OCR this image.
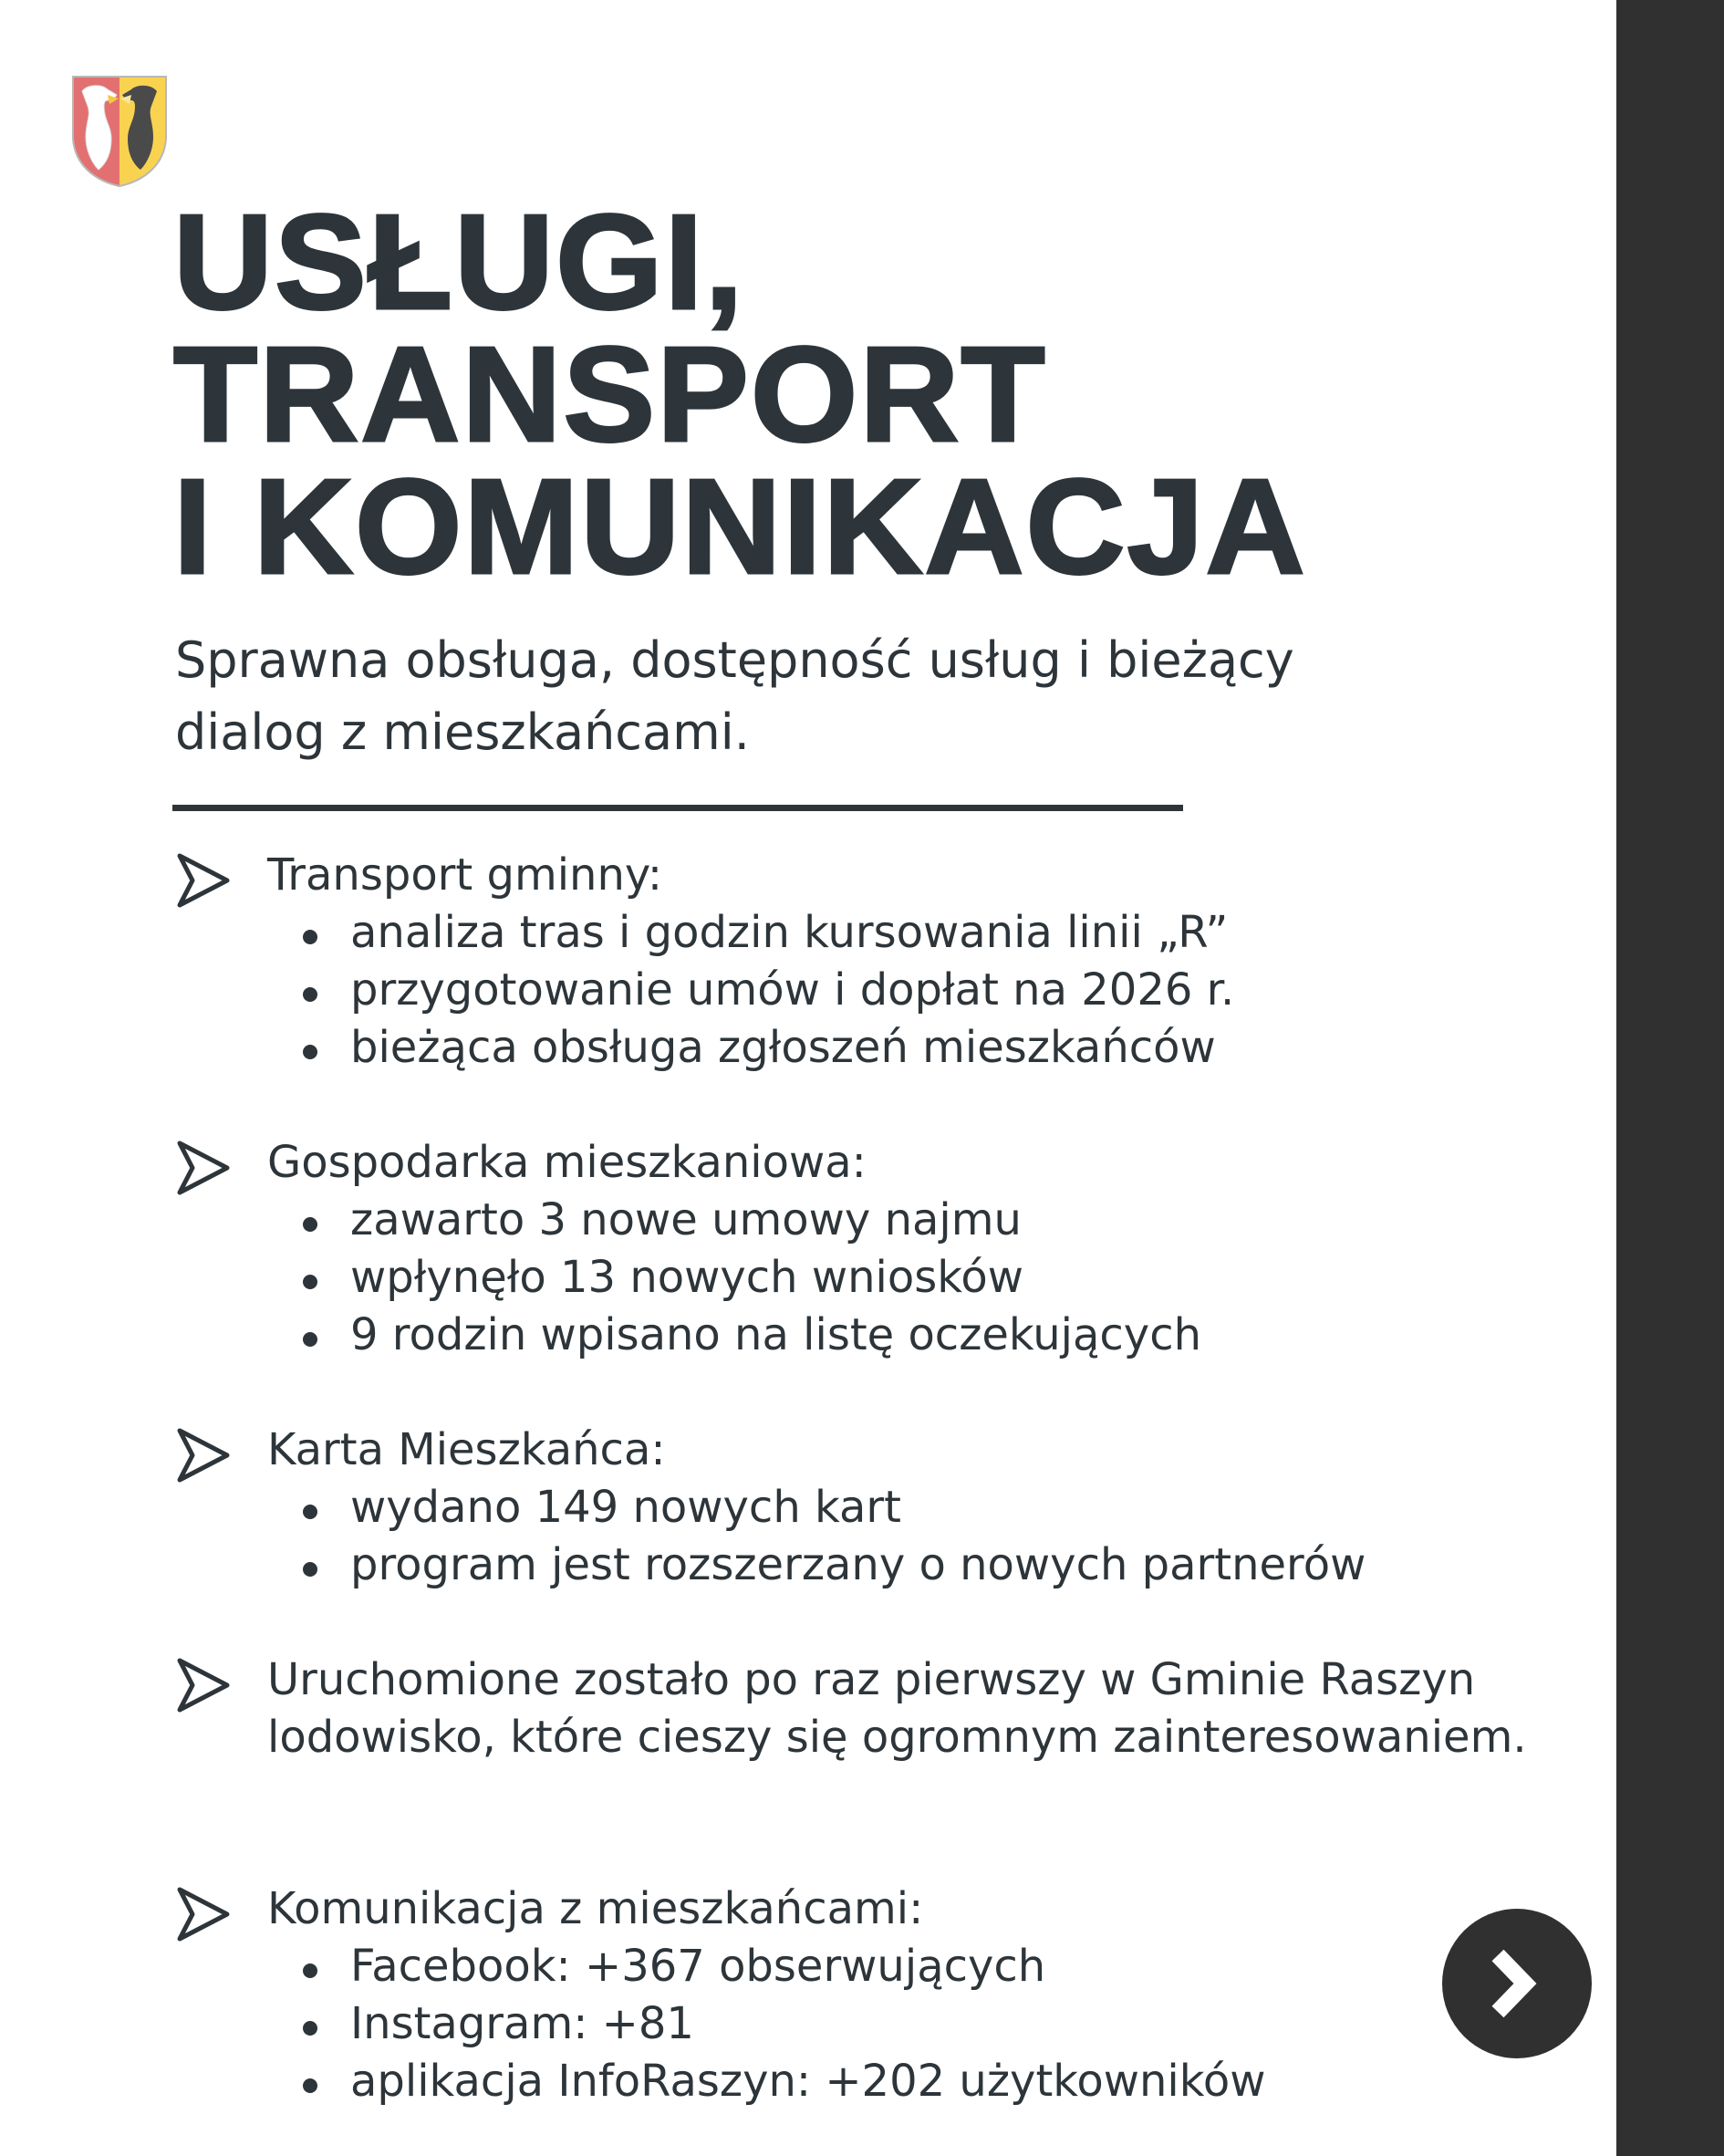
USŁUGI,
TRANSPORT
I KOMUNIKACJA

Sprawna obsługa, dostępność usług i bieżący dialog z mieszkańcami.

Transport gminny:

analiza tras i godzin kursowania linii „R”
przygotowanie umów i dopłat na 2026 r.
bieżąca obsługa zgłoszeń mieszkańców

Gospodarka mieszkaniowa:

zawarto 3 nowe umowy najmu
wpłynęło 13 nowych wniosków
9 rodzin wpisano na listę oczekujących

Karta Mieszkańca:

wydano 149 nowych kart
program jest rozszerzany o nowych partnerów

Uruchomione zostało po raz pierwszy w Gminie Raszyn lodowisko, które cieszy się ogromnym zainteresowaniem.

Komunikacja z mieszkańcami:

Facebook: +367 obserwujących
Instagram: +81
aplikacja InfoRaszyn: +202 użytkowników
